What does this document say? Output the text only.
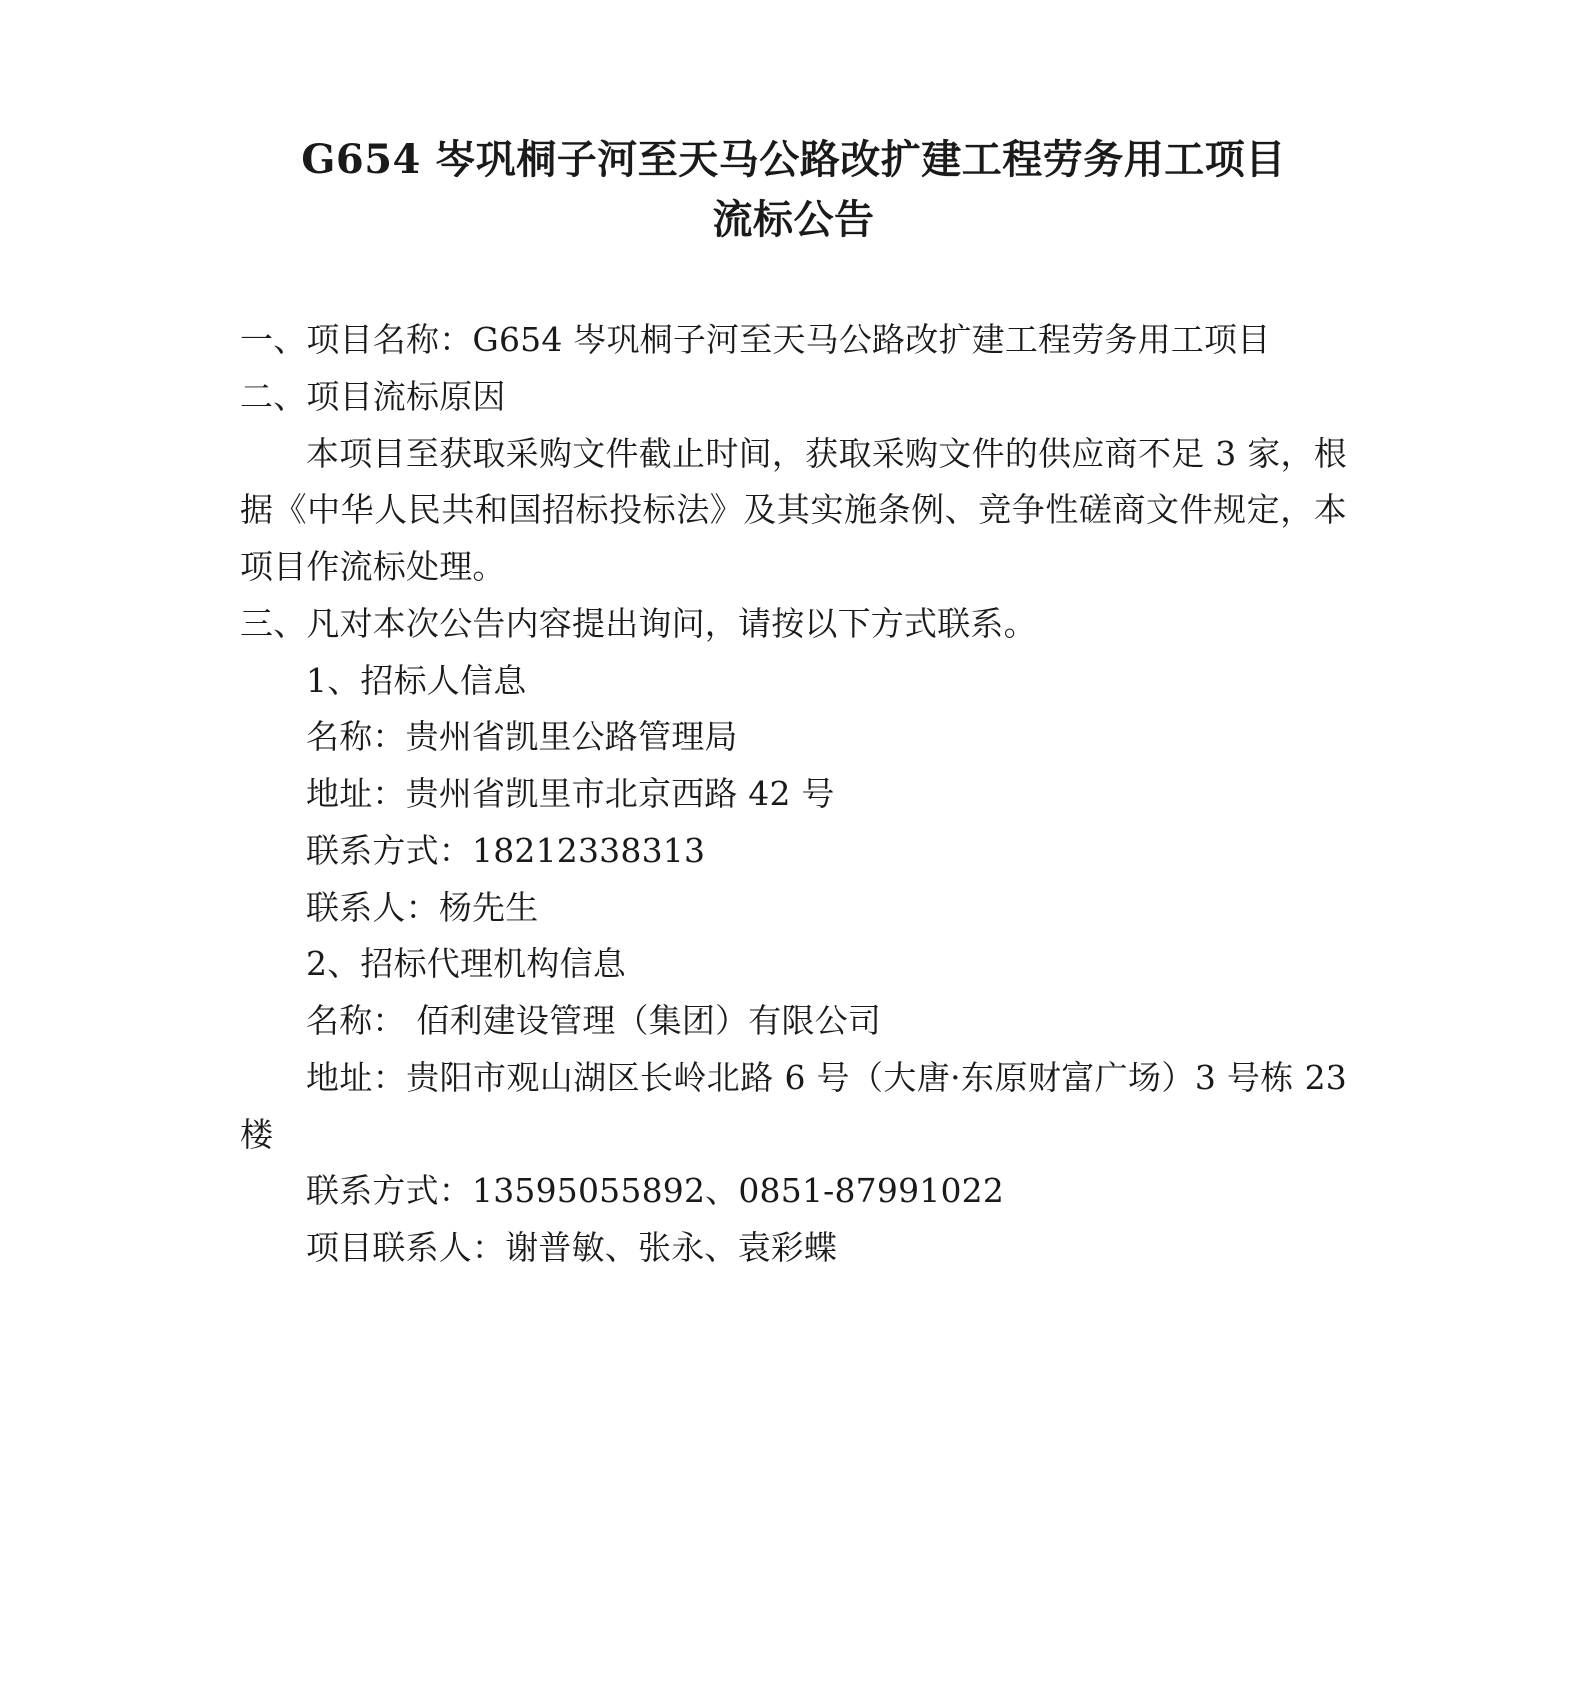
G654 岑巩桐子河至天马公路改扩建工程劳务用工项目
流标公告

一、项目名称：G654 岑巩桐子河至天马公路改扩建工程劳务用工项目

二、项目流标原因

本项目至获取采购文件截止时间，获取采购文件的供应商不足 3 家，根据《中华人民共和国招标投标法》及其实施条例、竞争性磋商文件规定，本项目作流标处理。

三、凡对本次公告内容提出询问，请按以下方式联系。

1、招标人信息

名称：贵州省凯里公路管理局

地址：贵州省凯里市北京西路 42 号

联系方式：18212338313

联系人：杨先生

2、招标代理机构信息

名称： 佰利建设管理（集团）有限公司

地址：贵阳市观山湖区长岭北路 6 号（大唐·东原财富广场）3 号栋 23 楼

联系方式：13595055892、0851-87991022

项目联系人：谢普敏、张永、袁彩蝶
